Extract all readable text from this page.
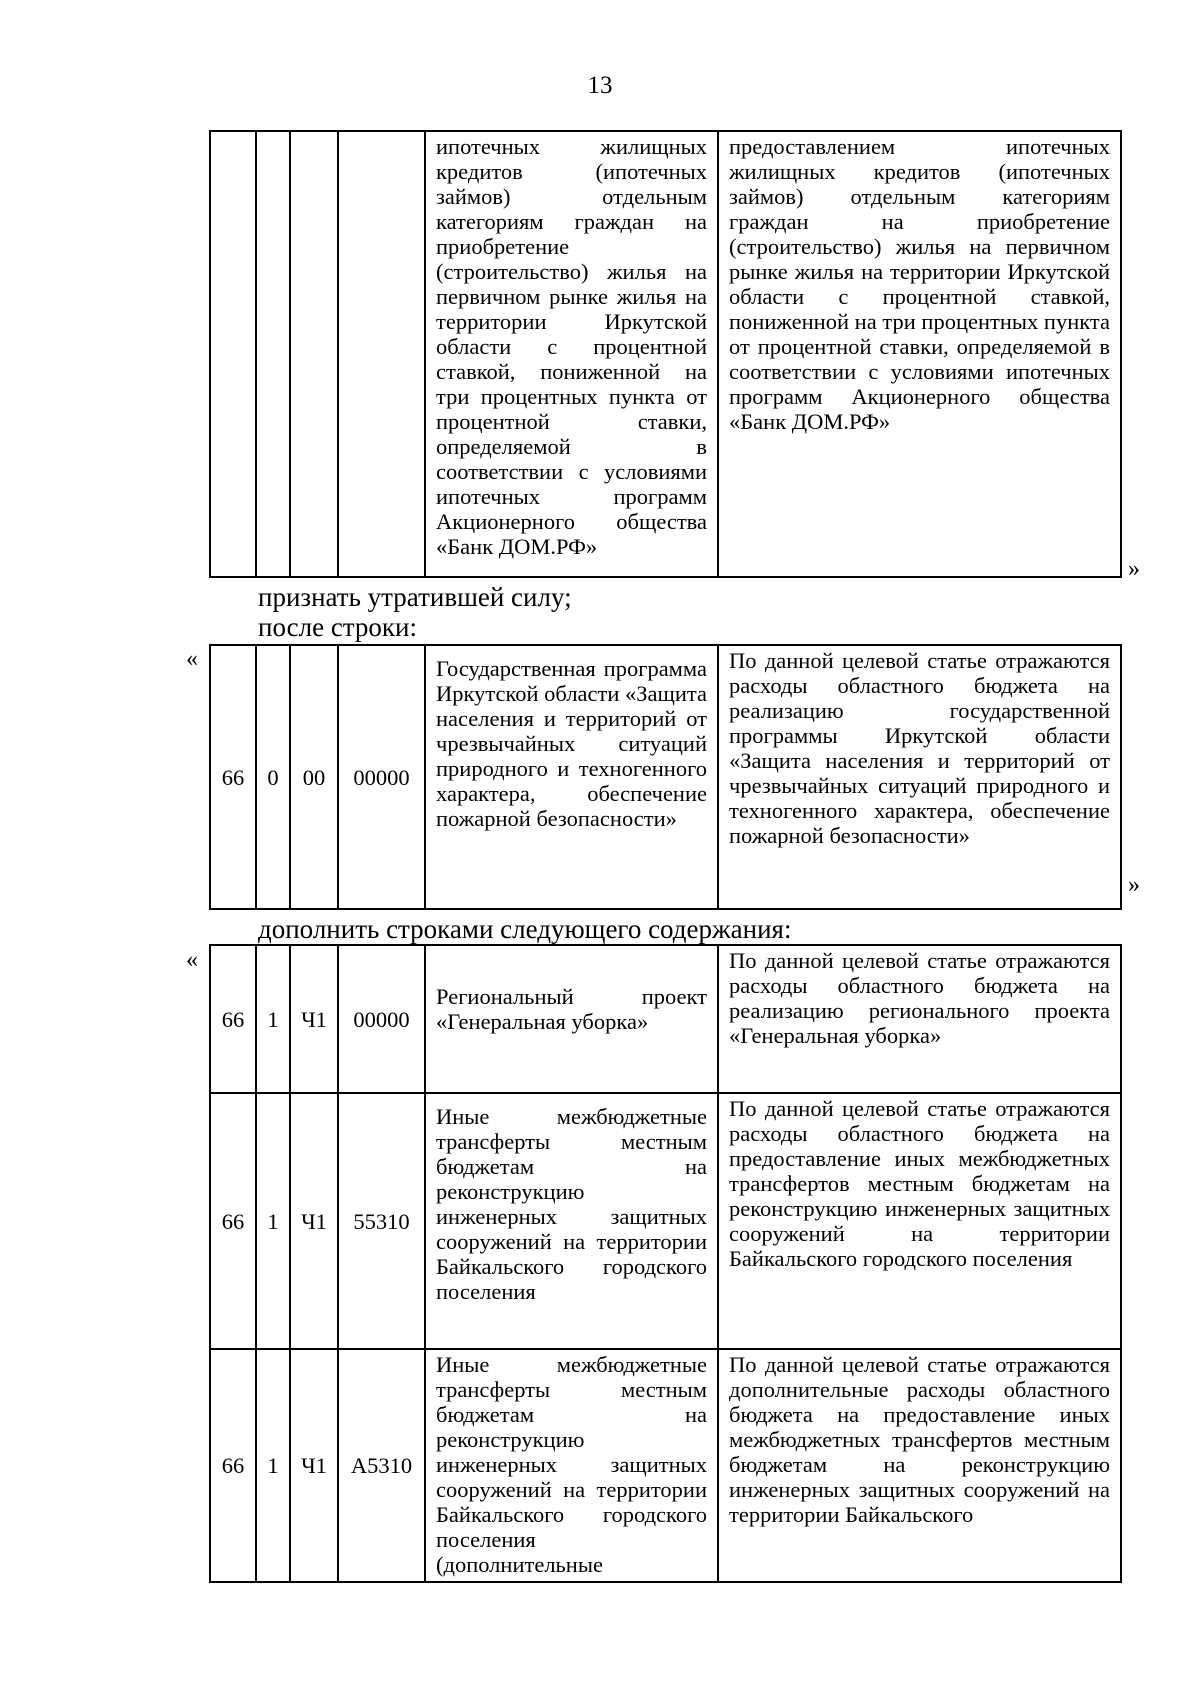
13
				ипотечных жилищных кредитов (ипотечных займов) отдельным категориям граждан на приобретение (строительство) жилья на первичном рынке жилья на территории Иркутской области с процентной ставкой, пониженной на три процентных пункта от процентной ставки, определяемой в соответствии с условиями ипотечных программ Акционерного общества «Банк ДОМ.РФ»	предоставлением ипотечных жилищных кредитов (ипотечных займов) отдельным категориям граждан на приобретение (строительство) жилья на первичном рынке жилья на территории Иркутской области с процентной ставкой, пониженной на три процентных пункта от процентной ставки, определяемой в соответствии с условиями ипотечных программ Акционерного общества «Банк ДОМ.РФ»
»
признать утратившей силу;
после строки:
«
66	0	00	00000	Государственная программа Иркутской области «Защита населения и территорий от чрезвычайных ситуаций природного и техногенного характера, обеспечение пожарной безопасности»	По данной целевой статье отражаются расходы областного бюджета на реализацию государственной программы Иркутской области «Защита населения и территорий от чрезвычайных ситуаций природного и техногенного характера, обеспечение пожарной безопасности»
»
дополнить строками следующего содержания:
«
66	1	Ч1	00000	Региональный проект «Генеральная уборка»	По данной целевой статье отражаются расходы областного бюджета на реализацию регионального проекта «Генеральная уборка»
66	1	Ч1	55310	Иные межбюджетные трансферты местным бюджетам на реконструкцию инженерных защитных сооружений на территории Байкальского городского поселения	По данной целевой статье отражаются расходы областного бюджета на предоставление иных межбюджетных трансфертов местным бюджетам на реконструкцию инженерных защитных сооружений на территории Байкальского городского поселения
66	1	Ч1	А5310	Иные межбюджетные трансферты местным бюджетам на реконструкцию инженерных защитных сооружений на территории Байкальского городского поселения (дополнительные	По данной целевой статье отражаются дополнительные расходы областного бюджета на предоставление иных межбюджетных трансфертов местным бюджетам на реконструкцию инженерных защитных сооружений на территории Байкальского
